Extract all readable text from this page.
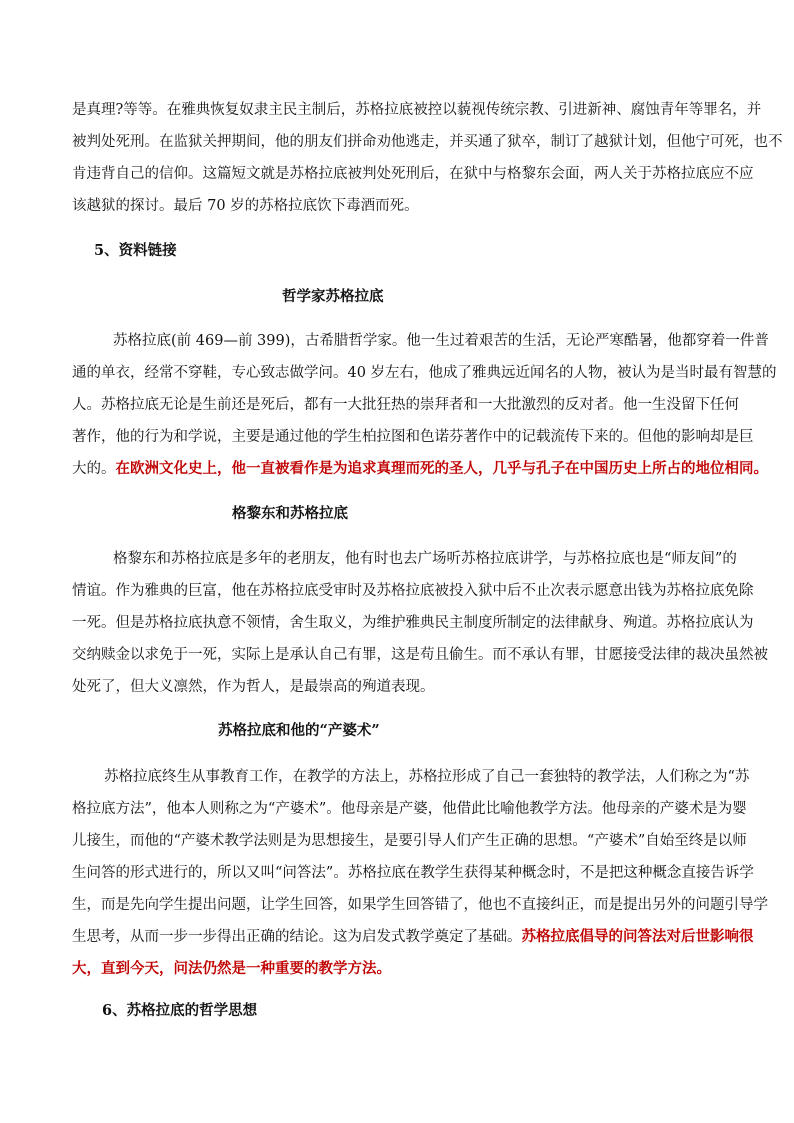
是真理?等等。在雅典恢复奴隶主民主制后，苏格拉底被控以藐视传统宗教、引进新神、腐蚀青年等罪名，并
被判处死刑。在监狱关押期间，他的朋友们拼命劝他逃走，并买通了狱卒，制订了越狱计划，但他宁可死，也不
肯违背自己的信仰。这篇短文就是苏格拉底被判处死刑后，在狱中与格黎东会面，两人关于苏格拉底应不应
该越狱的探讨。最后 70 岁的苏格拉底饮下毒酒而死。
5、资料链接
哲学家苏格拉底
苏格拉底(前 469—前 399)，古希腊哲学家。他一生过着艰苦的生活，无论严寒酷暑，他都穿着一件普
通的单衣，经常不穿鞋，专心致志做学问。40 岁左右，他成了雅典远近闻名的人物，被认为是当时最有智慧的
人。苏格拉底无论是生前还是死后，都有一大批狂热的崇拜者和一大批激烈的反对者。他一生没留下任何
著作，他的行为和学说，主要是通过他的学生柏拉图和色诺芬著作中的记载流传下来的。但他的影响却是巨
大的。在欧洲文化史上，他一直被看作是为追求真理而死的圣人，几乎与孔子在中国历史上所占的地位相同。
格黎东和苏格拉底
格黎东和苏格拉底是多年的老朋友，他有时也去广场听苏格拉底讲学，与苏格拉底也是“师友间”的
情谊。作为雅典的巨富，他在苏格拉底受审时及苏格拉底被投入狱中后不止次表示愿意出钱为苏格拉底免除
一死。但是苏格拉底执意不领情，舍生取义，为维护雅典民主制度所制定的法律献身、殉道。苏格拉底认为
交纳赎金以求免于一死，实际上是承认自己有罪，这是苟且偷生。而不承认有罪，甘愿接受法律的裁决虽然被
处死了，但大义凛然，作为哲人，是最崇高的殉道表现。
苏格拉底和他的“产婆术”
苏格拉底终生从事教育工作，在教学的方法上，苏格拉形成了自己一套独特的教学法，人们称之为“苏
格拉底方法”，他本人则称之为“产婆术”。他母亲是产婆，他借此比喻他教学方法。他母亲的产婆术是为婴
儿接生，而他的“产婆术教学法则是为思想接生，是要引导人们产生正确的思想。“产婆术”自始至终是以师
生问答的形式进行的，所以又叫“问答法”。苏格拉底在教学生获得某种概念时，不是把这种概念直接告诉学
生，而是先向学生提出问题，让学生回答，如果学生回答错了，他也不直接纠正，而是提出另外的问题引导学
生思考，从而一步一步得出正确的结论。这为启发式教学奠定了基础。苏格拉底倡导的问答法对后世影响很
大，直到今天，问法仍然是一种重要的教学方法。
6、苏格拉底的哲学思想
